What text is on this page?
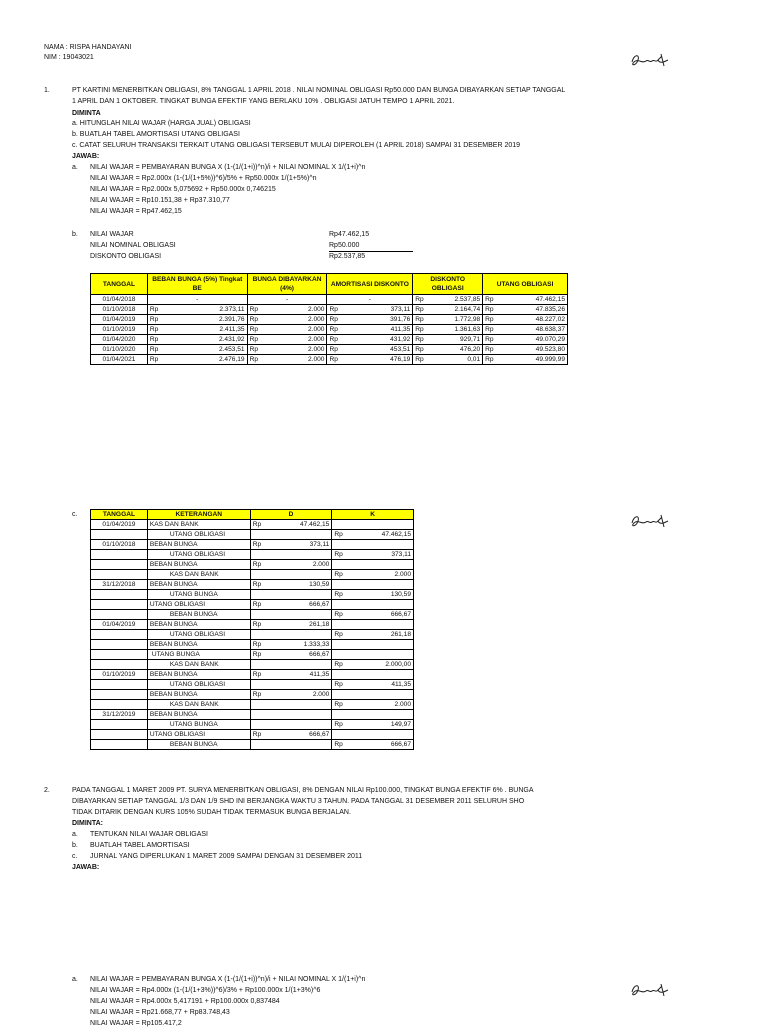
NAMA : RISPA HANDAYANI
NIM : 19043021
1.	PT KARTINI MENERBITKAN OBLIGASI, 8% TANGGAL 1 APRIL 2018 . NILAI NOMINAL OBLIGASI Rp50.000 DAN BUNGA DIBAYARKAN SETIAP TANGGAL
1 APRIL DAN 1 OKTOBER. TINGKAT BUNGA EFEKTIF YANG BERLAKU 10% . OBLIGASI JATUH TEMPO 1 APRIL 2021.
DIMINTA
a. HITUNGLAH NILAI WAJAR (HARGA JUAL) OBLIGASI
b. BUATLAH TABEL AMORTISASI UTANG OBLIGASI
c. CATAT SELURUH TRANSAKSI TERKAIT UTANG OBLIGASI TERSEBUT MULAI DIPEROLEH (1 APRIL 2018) SAMPAI 31 DESEMBER 2019
JAWAB:
a. NILAI WAJAR = PEMBAYARAN BUNGA X (1-(1/(1+i))^n)/i + NILAI NOMINAL X 1/(1+i)^n
NILAI WAJAR = Rp2.000x (1-(1/(1+5%))^6)/5% + Rp50.000x 1/(1+5%)^n
NILAI WAJAR = Rp2.000x 5,075692 + Rp50.000x 0,746215
NILAI WAJAR = Rp10.151,38 + Rp37.310,77
NILAI WAJAR = Rp47.462,15
b. NILAI WAJAR	Rp47.462,15
NILAI NOMINAL OBLIGASI	Rp50.000
DISKONTO OBLIGASI	Rp2.537,85
TANGGAL	BEBAN BUNGA (5%) Tingkat BE	BUNGA DIBAYARKAN (4%)	AMORTISASI DISKONTO	DISKONTO OBLIGASI	UTANG OBLIGASI
01/04/2018	-	-	-	Rp 2.537,85	Rp 47.462,15

01/10/2018	Rp 2.373,11	Rp 2.000	Rp 373,11	Rp 2.164,74	Rp 47.835,26

01/04/2019	Rp 2.391,76	Rp 2.000	Rp 391,76	Rp 1.772,98	Rp 48.227,02

01/10/2019	Rp 2.411,35	Rp 2.000	Rp 411,35	Rp 1.361,63	Rp 48.638,37

01/04/2020	Rp 2.431,92	Rp 2.000	Rp 431,92	Rp 929,71	Rp 49.070,29

01/10/2020	Rp 2.453,51	Rp 2.000	Rp 453,51	Rp 476,20	Rp 49.523,80

01/04/2021	Rp 2.476,19	Rp 2.000	Rp 476,19	Rp 0,01	Rp 49.999,99
c.	TANGGAL	KETERANGAN	D	K
01/04/2019	KAS DAN BANK	Rp 47.462,15	

	UTANG OBLIGASI		Rp 47.462,15

01/10/2018	BEBAN BUNGA	Rp 373,11	

	UTANG OBLIGASI		Rp 373,11

	BEBAN BUNGA	Rp 2.000	

	KAS DAN BANK		Rp 2.000

31/12/2018	BEBAN BUNGA	Rp 130,59	

	UTANG BUNGA		Rp 130,59

	UTANG OBLIGASI	Rp 666,67	

	BEBAN BUNGA		Rp 666,67

01/04/2019	BEBAN BUNGA	Rp 261,18	

	UTANG OBLIGASI		Rp 261,18

	BEBAN BUNGA	Rp 1.333,33	

	UTANG BUNGA	Rp 666,67	

	KAS DAN BANK		Rp 2.000,00

01/10/2019	BEBAN BUNGA	Rp 411,35	

	UTANG OBLIGASI		Rp 411,35

	BEBAN BUNGA	Rp 2.000	

	KAS DAN BANK		Rp 2.000

31/12/2019	BEBAN BUNGA		
	UTANG BUNGA		Rp 149,97

	UTANG OBLIGASI	Rp 666,67	

	BEBAN BUNGA		Rp 666,67
2.	PADA TANGGAL 1 MARET 2009 PT. SURYA MENERBITKAN OBLIGASI, 8% DENGAN NILAI Rp100.000, TINGKAT BUNGA EFEKTIF 6% . BUNGA
DIBAYARKAN SETIAP TANGGAL 1/3 DAN 1/9 SHD INI BERJANGKA WAKTU 3 TAHUN. PADA TANGGAL 31 DESEMBER 2011 SELURUH SHO
TIDAK DITARIK DENGAN KURS 105% SUDAH TIDAK TERMASUK BUNGA BERJALAN.
DIMINTA:
a. TENTUKAN NILAI WAJAR OBLIGASI
b. BUATLAH TABEL AMORTISASI
c. JURNAL YANG DIPERLUKAN 1 MARET 2009 SAMPAI DENGAN 31 DESEMBER 2011
JAWAB:
a. NILAI WAJAR = PEMBAYARAN BUNGA X (1-(1/(1+i))^n)/i + NILAI NOMINAL X 1/(1+i)^n
NILAI WAJAR = Rp4.000x (1-(1/(1+3%))^6)/3% + Rp100.000x 1/(1+3%)^6
NILAI WAJAR = Rp4.000x 5,417191 + Rp100.000x 0,837484
NILAI WAJAR = Rp21.668,77 + Rp83.748,43
NILAI WAJAR = Rp105.417,2
